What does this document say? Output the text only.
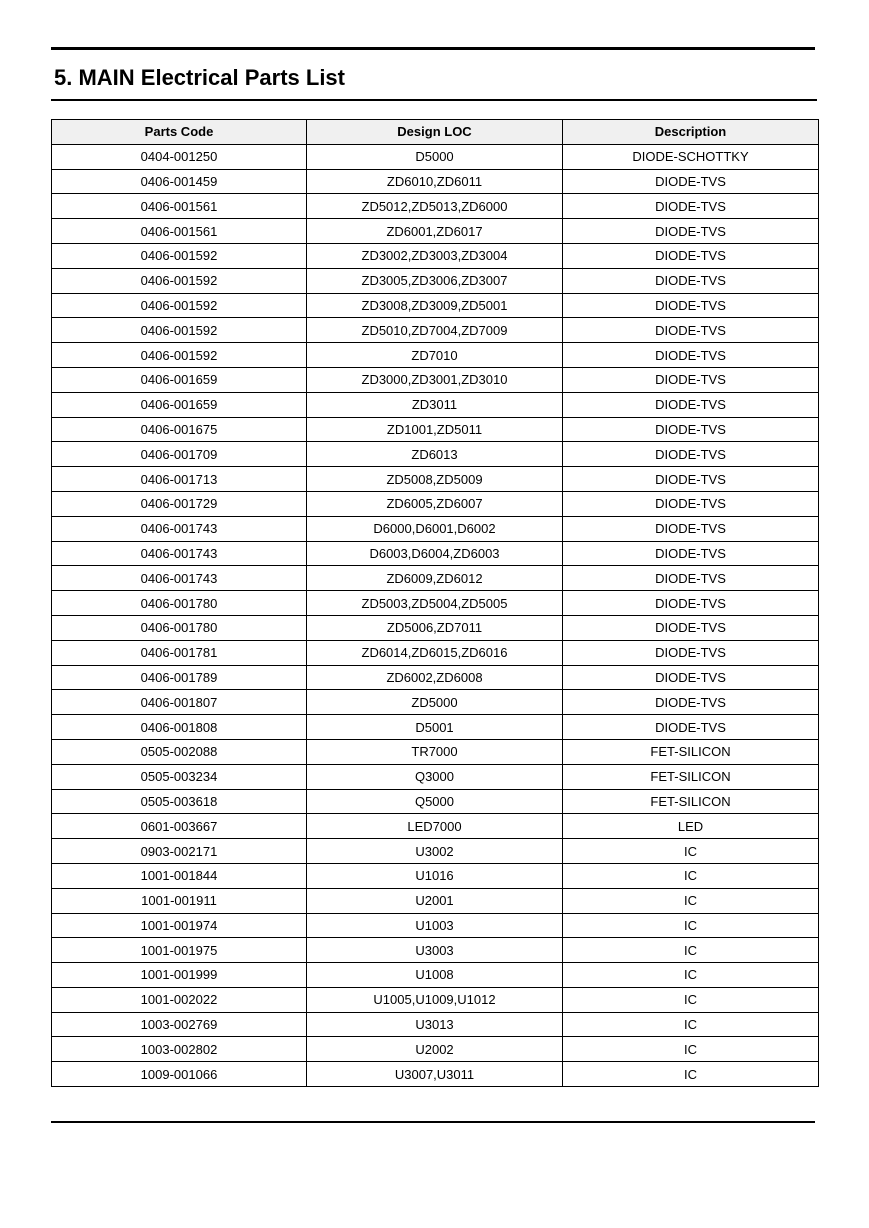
5. MAIN Electrical Parts List
Parts Code	Design LOC	Description
0404-001250	D5000	DIODE-SCHOTTKY
0406-001459	ZD6010,ZD6011	DIODE-TVS
0406-001561	ZD5012,ZD5013,ZD6000	DIODE-TVS
0406-001561	ZD6001,ZD6017	DIODE-TVS
0406-001592	ZD3002,ZD3003,ZD3004	DIODE-TVS
0406-001592	ZD3005,ZD3006,ZD3007	DIODE-TVS
0406-001592	ZD3008,ZD3009,ZD5001	DIODE-TVS
0406-001592	ZD5010,ZD7004,ZD7009	DIODE-TVS
0406-001592	ZD7010	DIODE-TVS
0406-001659	ZD3000,ZD3001,ZD3010	DIODE-TVS
0406-001659	ZD3011	DIODE-TVS
0406-001675	ZD1001,ZD5011	DIODE-TVS
0406-001709	ZD6013	DIODE-TVS
0406-001713	ZD5008,ZD5009	DIODE-TVS
0406-001729	ZD6005,ZD6007	DIODE-TVS
0406-001743	D6000,D6001,D6002	DIODE-TVS
0406-001743	D6003,D6004,ZD6003	DIODE-TVS
0406-001743	ZD6009,ZD6012	DIODE-TVS
0406-001780	ZD5003,ZD5004,ZD5005	DIODE-TVS
0406-001780	ZD5006,ZD7011	DIODE-TVS
0406-001781	ZD6014,ZD6015,ZD6016	DIODE-TVS
0406-001789	ZD6002,ZD6008	DIODE-TVS
0406-001807	ZD5000	DIODE-TVS
0406-001808	D5001	DIODE-TVS
0505-002088	TR7000	FET-SILICON
0505-003234	Q3000	FET-SILICON
0505-003618	Q5000	FET-SILICON
0601-003667	LED7000	LED
0903-002171	U3002	IC
1001-001844	U1016	IC
1001-001911	U2001	IC
1001-001974	U1003	IC
1001-001975	U3003	IC
1001-001999	U1008	IC
1001-002022	U1005,U1009,U1012	IC
1003-002769	U3013	IC
1003-002802	U2002	IC
1009-001066	U3007,U3011	IC
